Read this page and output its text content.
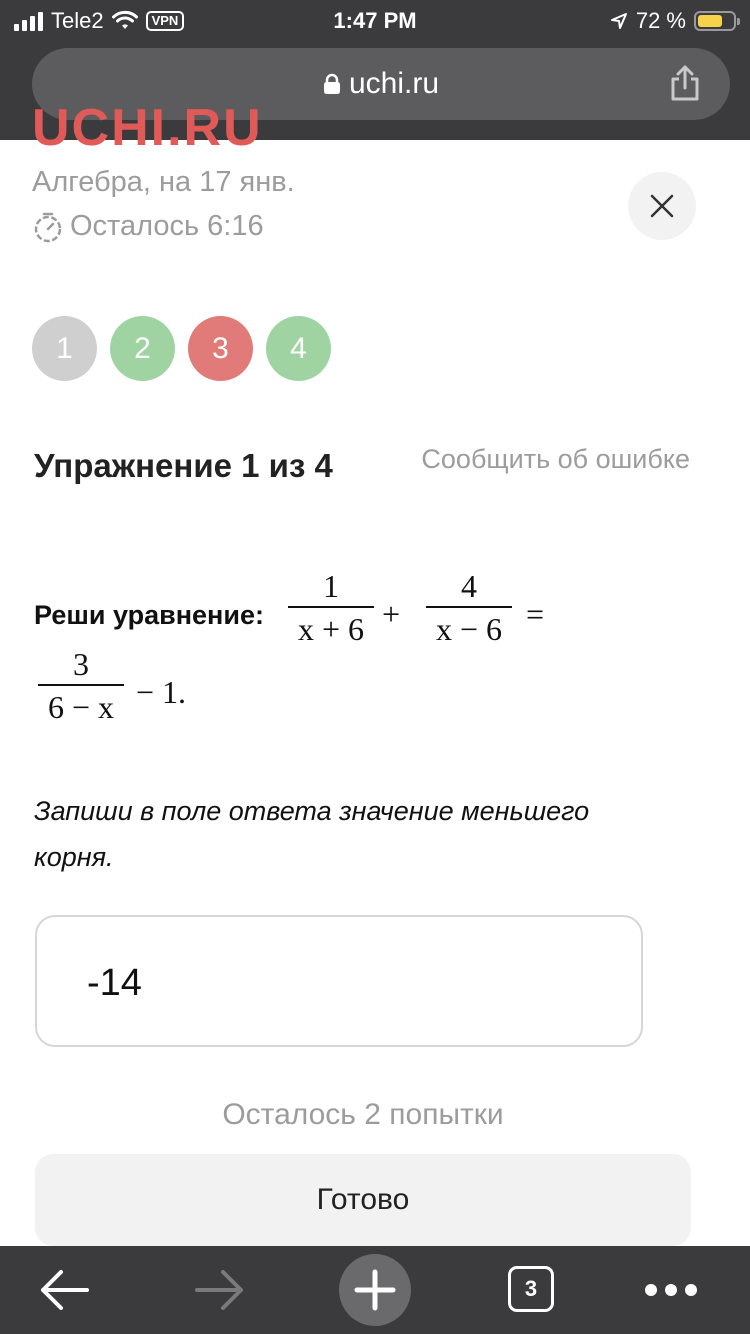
Tele2	VPN	1:47 PM	72 %
uchi.ru
UCHI.RU
Алгебра, на 17 янв.
Осталось 6:16
1 2 3 4
Упражнение 1 из 4	Сообщить об ошибке
Реши уравнение:
1
x + 6 +
4
x − 6 =
3
6 − x − 1.
Запиши в поле ответа значение меньшего корня.
-14
Осталось 2 попытки
Готово
3
